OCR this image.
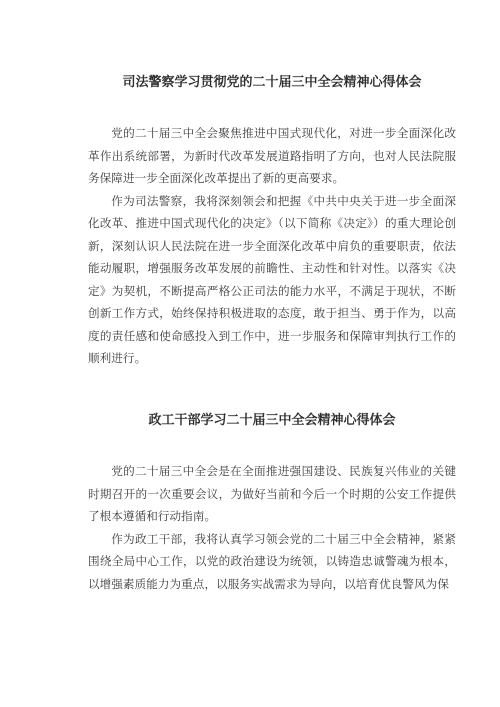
司法警察学习贯彻党的二十届三中全会精神心得体会

党的二十届三中全会聚焦推进中国式现代化，对进一步全面深化改革作出系统部署，为新时代改革发展道路指明了方向，也对人民法院服务保障进一步全面深化改革提出了新的更高要求。

作为司法警察，我将深刻领会和把握《中共中央关于进一步全面深化改革、推进中国式现代化的决定》（以下简称《决定》）的重大理论创新，深刻认识人民法院在进一步全面深化改革中肩负的重要职责，依法能动履职，增强服务改革发展的前瞻性、主动性和针对性。以落实《决定》为契机，不断提高严格公正司法的能力水平，不满足于现状，不断创新工作方式，始终保持积极进取的态度，敢于担当、勇于作为，以高度的责任感和使命感投入到工作中，进一步服务和保障审判执行工作的顺利进行。

政工干部学习二十届三中全会精神心得体会

党的二十届三中全会是在全面推进强国建设、民族复兴伟业的关键时期召开的一次重要会议，为做好当前和今后一个时期的公安工作提供了根本遵循和行动指南。

作为政工干部，我将认真学习领会党的二十届三中全会精神，紧紧围绕全局中心工作，以党的政治建设为统领，以铸造忠诚警魂为根本，以增强素质能力为重点，以服务实战需求为导向，以培育优良警风为保
